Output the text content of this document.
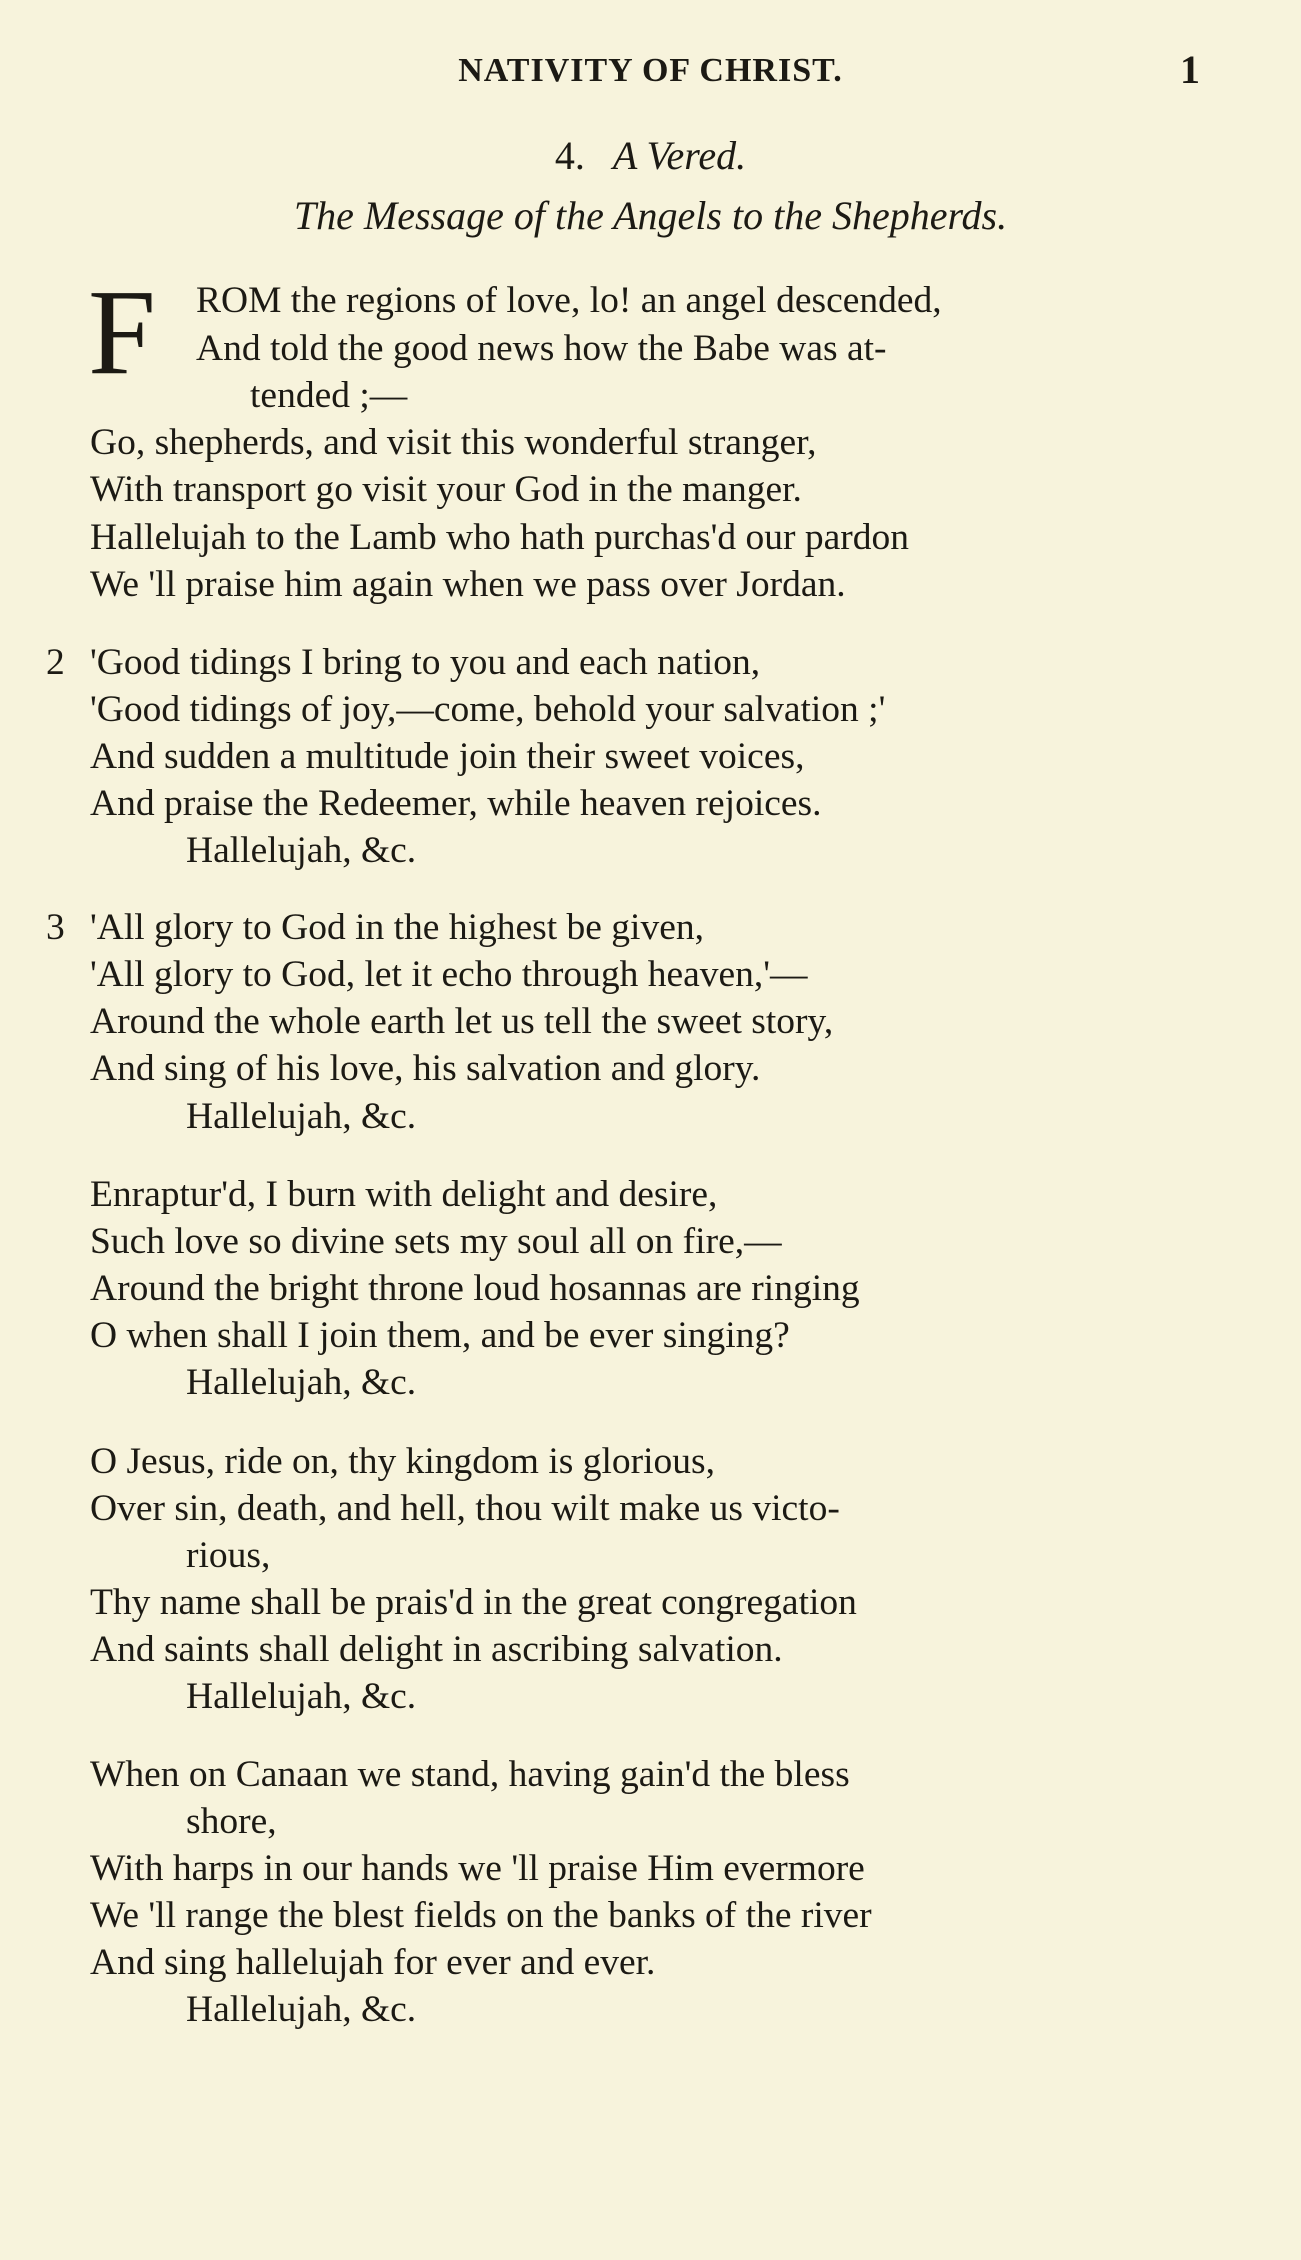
NATIVITY OF CHRIST.	1
4. A Vered.
The Message of the Angels to the Shepherds.
F ROM the regions of love, lo! an angel descended,
And told the good news how the Babe was at-
tended ;—
Go, shepherds, and visit this wonderful stranger,
With transport go visit your God in the manger.
Hallelujah to the Lamb who hath purchas'd our pardon
We 'll praise him again when we pass over Jordan.
2 'Good tidings I bring to you and each nation,
'Good tidings of joy,—come, behold your salvation ;'
And sudden a multitude join their sweet voices,
And praise the Redeemer, while heaven rejoices.
Hallelujah, &c.
3 'All glory to God in the highest be given,
'All glory to God, let it echo through heaven,'—
Around the whole earth let us tell the sweet story,
And sing of his love, his salvation and glory.
Hallelujah, &c.
Enraptur'd, I burn with delight and desire,
Such love so divine sets my soul all on fire,—
Around the bright throne loud hosannas are ringing
O when shall I join them, and be ever singing?
Hallelujah, &c.
O Jesus, ride on, thy kingdom is glorious,
Over sin, death, and hell, thou wilt make us victo-
rious,
Thy name shall be prais'd in the great congregation
And saints shall delight in ascribing salvation.
Hallelujah, &c.
When on Canaan we stand, having gain'd the bless
shore,
With harps in our hands we 'll praise Him evermore
We 'll range the blest fields on the banks of the river
And sing hallelujah for ever and ever.
Hallelujah, &c.
